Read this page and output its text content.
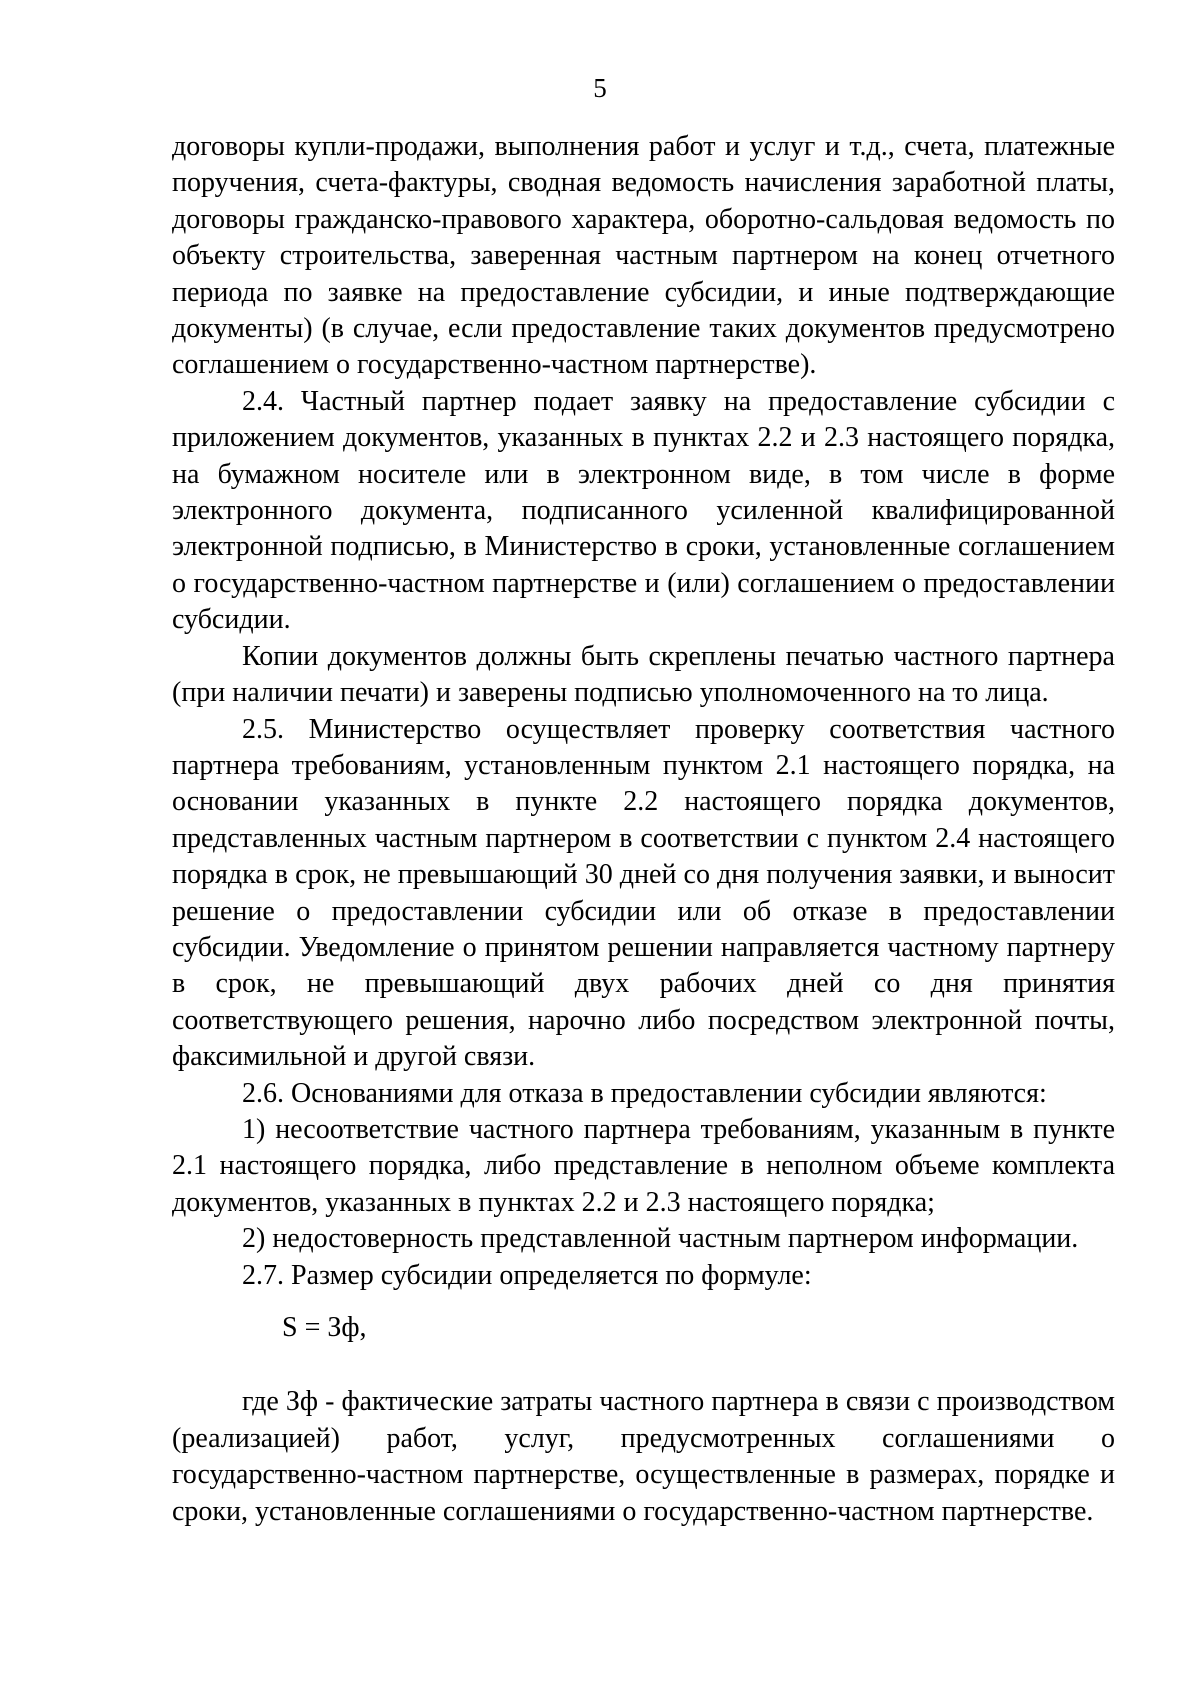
5

договоры купли-продажи, выполнения работ и услуг и т.д., счета, платежные поручения, счета-фактуры, сводная ведомость начисления заработной платы, договоры гражданско-правового характера, оборотно-сальдовая ведомость по объекту строительства, заверенная частным партнером на конец отчетного периода по заявке на предоставление субсидии, и иные подтверждающие документы) (в случае, если предоставление таких документов предусмотрено соглашением о государственно-частном партнерстве).

2.4. Частный партнер подает заявку на предоставление субсидии с приложением документов, указанных в пунктах 2.2 и 2.3 настоящего порядка, на бумажном носителе или в электронном виде, в том числе в форме электронного документа, подписанного усиленной квалифицированной электронной подписью, в Министерство в сроки, установленные соглашением о государственно-частном партнерстве и (или) соглашением о предоставлении субсидии.

Копии документов должны быть скреплены печатью частного партнера (при наличии печати) и заверены подписью уполномоченного на то лица.

2.5. Министерство осуществляет проверку соответствия частного партнера требованиям, установленным пунктом 2.1 настоящего порядка, на основании указанных в пункте 2.2 настоящего порядка документов, представленных частным партнером в соответствии с пунктом 2.4 настоящего порядка в срок, не превышающий 30 дней со дня получения заявки, и выносит решение о предоставлении субсидии или об отказе в предоставлении субсидии. Уведомление о принятом решении направляется частному партнеру в срок, не превышающий двух рабочих дней со дня принятия соответствующего решения, нарочно либо посредством электронной почты, факсимильной и другой связи.

2.6. Основаниями для отказа в предоставлении субсидии являются:

1) несоответствие частного партнера требованиям, указанным в пункте 2.1 настоящего порядка, либо представление в неполном объеме комплекта документов, указанных в пунктах 2.2 и 2.3 настоящего порядка;

2) недостоверность представленной частным партнером информации.

2.7. Размер субсидии определяется по формуле:

S = Зф,

где Зф - фактические затраты частного партнера в связи с производством (реализацией) работ, услуг, предусмотренных соглашениями о государственно-частном партнерстве, осуществленные в размерах, порядке и сроки, установленные соглашениями о государственно-частном партнерстве.
